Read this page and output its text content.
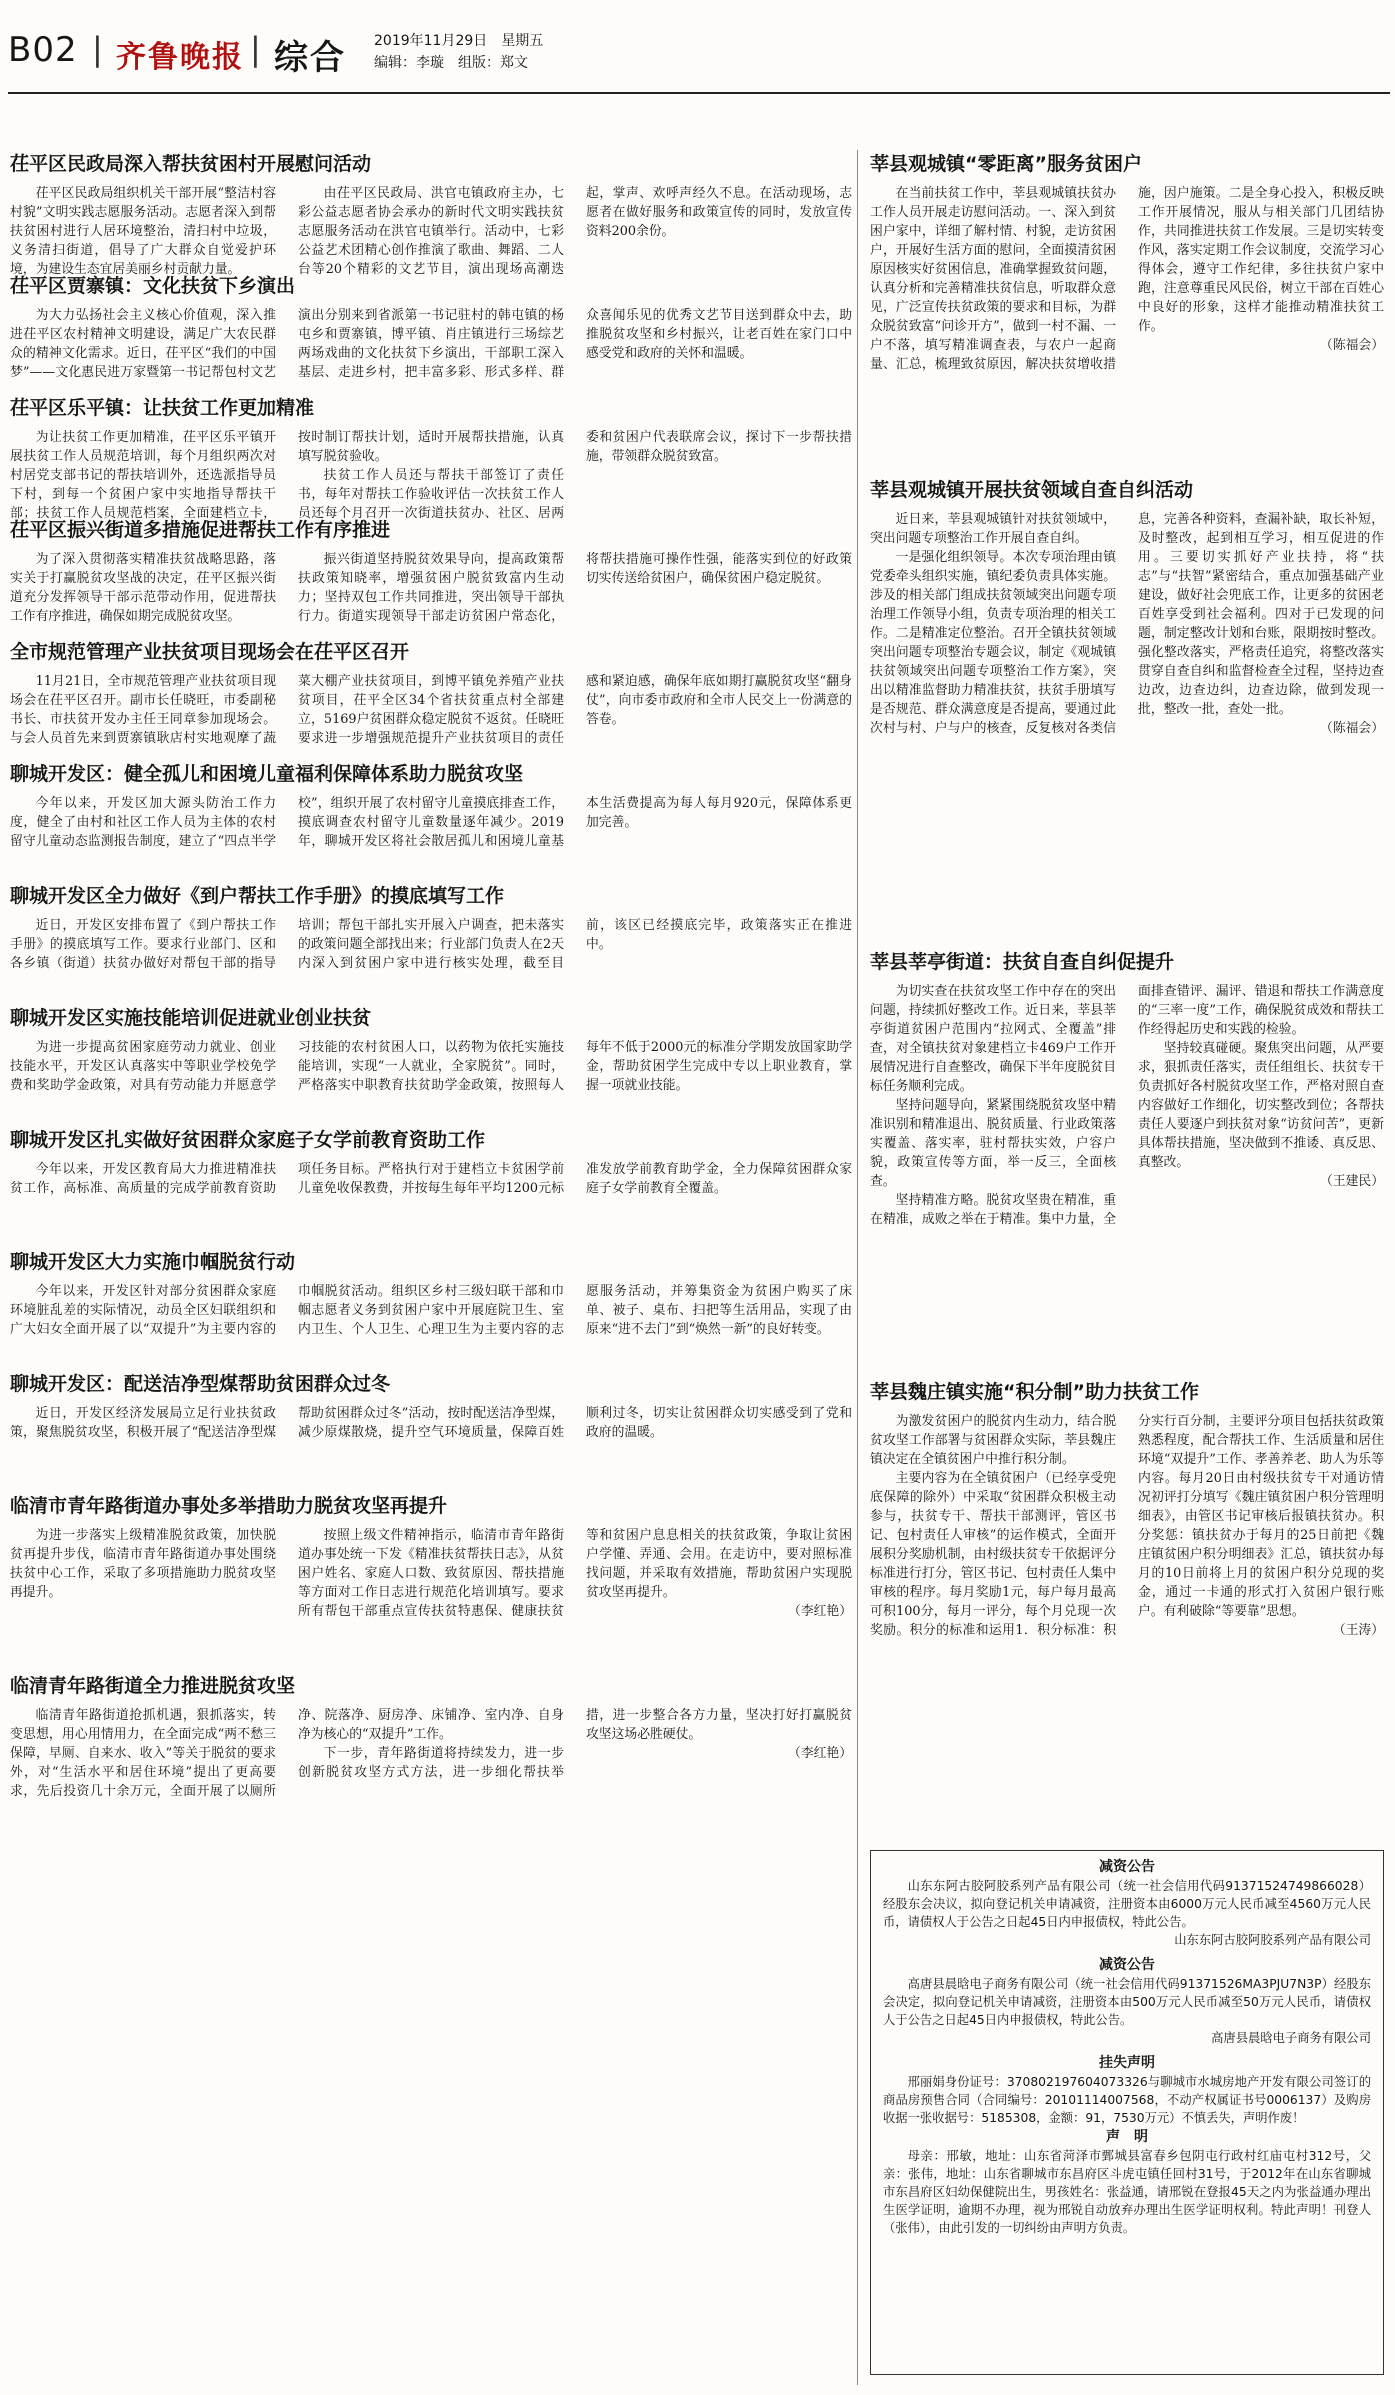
B02 | 齐鲁晚报 | 综合 2019年11月29日　星期五
编辑：李璇　组版：郑文
茌平区民政局深入帮扶贫困村开展慰问活动

茌平区民政局组织机关干部开展“整洁村容村貌”文明实践志愿服务活动。志愿者深入到帮扶贫困村进行人居环境整治，清扫村中垃圾，义务清扫街道，倡导了广大群众自觉爱护环境，为建设生态宜居美丽乡村贡献力量。

由茌平区民政局、洪官屯镇政府主办，七彩公益志愿者协会承办的新时代文明实践扶贫志愿服务活动在洪官屯镇举行。活动中，七彩公益艺术团精心创作推演了歌曲、舞蹈、二人台等20个精彩的文艺节目，演出现场高潮迭起，掌声、欢呼声经久不息。在活动现场，志愿者在做好服务和政策宣传的同时，发放宣传资料200余份。

茌平区贾寨镇：文化扶贫下乡演出

为大力弘扬社会主义核心价值观，深入推进茌平区农村精神文明建设，满足广大农民群众的精神文化需求。近日，茌平区“我们的中国梦”——文化惠民进万家暨第一书记帮包村文艺演出分别来到省派第一书记驻村的韩屯镇的杨屯乡和贾寨镇，博平镇、肖庄镇进行三场综艺两场戏曲的文化扶贫下乡演出，干部职工深入基层、走进乡村，把丰富多彩、形式多样、群众喜闻乐见的优秀文艺节目送到群众中去，助推脱贫攻坚和乡村振兴，让老百姓在家门口中感受党和政府的关怀和温暖。

茌平区乐平镇：让扶贫工作更加精准

为让扶贫工作更加精准，茌平区乐平镇开展扶贫工作人员规范培训，每个月组织两次对村居党支部书记的帮扶培训外，还选派指导员下村，到每一个贫困户家中实地指导帮扶干部；扶贫工作人员规范档案，全面建档立卡，按时制订帮扶计划，适时开展帮扶措施，认真填写脱贫验收。

扶贫工作人员还与帮扶干部签订了责任书，每年对帮扶工作验收评估一次扶贫工作人员还每个月召开一次街道扶贫办、社区、居两委和贫困户代表联席会议，探讨下一步帮扶措施，带领群众脱贫致富。

茌平区振兴街道多措施促进帮扶工作有序推进

为了深入贯彻落实精准扶贫战略思路，落实关于打赢脱贫攻坚战的决定，茌平区振兴街道充分发挥领导干部示范带动作用，促进帮扶工作有序推进，确保如期完成脱贫攻坚。

振兴街道坚持脱贫效果导向，提高政策帮扶政策知晓率，增强贫困户脱贫致富内生动力；坚持双包工作共同推进，突出领导干部执行力。街道实现领导干部走访贫困户常态化，将帮扶措施可操作性强，能落实到位的好政策切实传送给贫困户，确保贫困户稳定脱贫。

全市规范管理产业扶贫项目现场会在茌平区召开

11月21日，全市规范管理产业扶贫项目现场会在茌平区召开。副市长任晓旺，市委副秘书长、市扶贫开发办主任王同章参加现场会。与会人员首先来到贾寨镇耿店村实地观摩了蔬菜大棚产业扶贫项目，到博平镇免养殖产业扶贫项目，茌平全区34个省扶贫重点村全部建立，5169户贫困群众稳定脱贫不返贫。任晓旺要求进一步增强规范提升产业扶贫项目的责任感和紧迫感，确保年底如期打赢脱贫攻坚“翻身仗”，向市委市政府和全市人民交上一份满意的答卷。

聊城开发区：健全孤儿和困境儿童福利保障体系助力脱贫攻坚

今年以来，开发区加大源头防治工作力度，健全了由村和社区工作人员为主体的农村留守儿童动态监测报告制度，建立了“四点半学校”，组织开展了农村留守儿童摸底排查工作，摸底调查农村留守儿童数量逐年减少。2019年，聊城开发区将社会散居孤儿和困境儿童基本生活费提高为每人每月920元，保障体系更加完善。

聊城开发区全力做好《到户帮扶工作手册》的摸底填写工作

近日，开发区安排布置了《到户帮扶工作手册》的摸底填写工作。要求行业部门、区和各乡镇（街道）扶贫办做好对帮包干部的指导培训；帮包干部扎实开展入户调查，把未落实的政策问题全部找出来；行业部门负责人在2天内深入到贫困户家中进行核实处理，截至目前，该区已经摸底完毕，政策落实正在推进中。

聊城开发区实施技能培训促进就业创业扶贫

为进一步提高贫困家庭劳动力就业、创业技能水平，开发区认真落实中等职业学校免学费和奖助学金政策，对具有劳动能力并愿意学习技能的农村贫困人口，以药物为依托实施技能培训，实现“一人就业，全家脱贫”。同时，严格落实中职教育扶贫助学金政策，按照每人每年不低于2000元的标准分学期发放国家助学金，帮助贫困学生完成中专以上职业教育，掌握一项就业技能。

聊城开发区扎实做好贫困群众家庭子女学前教育资助工作

今年以来，开发区教育局大力推进精准扶贫工作，高标准、高质量的完成学前教育资助项任务目标。严格执行对于建档立卡贫困学前儿童免收保教费，并按每生每年平均1200元标准发放学前教育助学金，全力保障贫困群众家庭子女学前教育全覆盖。

聊城开发区大力实施巾帼脱贫行动

今年以来，开发区针对部分贫困群众家庭环境脏乱差的实际情况，动员全区妇联组织和广大妇女全面开展了以“双提升”为主要内容的巾帼脱贫活动。组织区乡村三级妇联干部和巾帼志愿者义务到贫困户家中开展庭院卫生、室内卫生、个人卫生、心理卫生为主要内容的志愿服务活动，并筹集资金为贫困户购买了床单、被子、桌布、扫把等生活用品，实现了由原来“进不去门”到“焕然一新”的良好转变。

聊城开发区：配送洁净型煤帮助贫困群众过冬

近日，开发区经济发展局立足行业扶贫政策，聚焦脱贫攻坚，积极开展了“配送洁净型煤帮助贫困群众过冬”活动，按时配送洁净型煤，减少原煤散烧，提升空气环境质量，保障百姓顺利过冬，切实让贫困群众切实感受到了党和政府的温暖。

临清市青年路街道办事处多举措助力脱贫攻坚再提升

为进一步落实上级精准脱贫政策，加快脱贫再提升步伐，临清市青年路街道办事处围绕扶贫中心工作，采取了多项措施助力脱贫攻坚再提升。

按照上级文件精神指示，临清市青年路街道办事处统一下发《精准扶贫帮扶日志》，从贫困户姓名、家庭人口数、致贫原因、帮扶措施等方面对工作日志进行规范化培训填写。要求所有帮包干部重点宣传扶贫特惠保、健康扶贫等和贫困户息息相关的扶贫政策，争取让贫困户学懂、弄通、会用。在走访中，要对照标准找问题，并采取有效措施，帮助贫困户实现脱贫攻坚再提升。

（李红艳）
临清青年路街道全力推进脱贫攻坚

临清青年路街道抢抓机遇，狠抓落实，转变思想，用心用情用力，在全面完成“两不愁三保障，早厕、自来水、收入”等关于脱贫的要求外，对“生活水平和居住环境”提出了更高要求，先后投资几十余万元，全面开展了以厕所净、院落净、厨房净、床铺净、室内净、自身净为核心的“双提升”工作。

下一步，青年路街道将持续发力，进一步创新脱贫攻坚方式方法，进一步细化帮扶举措，进一步整合各方力量，坚决打好打赢脱贫攻坚这场必胜硬仗。

（李红艳）
莘县观城镇“零距离”服务贫困户

在当前扶贫工作中，莘县观城镇扶贫办工作人员开展走访慰问活动。一、深入到贫困户家中，详细了解村情、村貌，走访贫困户，开展好生活方面的慰问，全面摸清贫困原因核实好贫困信息，准确掌握致贫问题，认真分析和完善精准扶贫信息，听取群众意见，广泛宣传扶贫政策的要求和目标，为群众脱贫致富“问诊开方”，做到一村不漏、一户不落，填写精准调查表，与农户一起商量、汇总，梳理致贫原因，解决扶贫增收措施，因户施策。二是全身心投入，积极反映工作开展情况，服从与相关部门几团结协作，共同推进扶贫工作发展。三是切实转变作风，落实定期工作会议制度，交流学习心得体会，遵守工作纪律，多往扶贫户家中跑，注意尊重民风民俗，树立干部在百姓心中良好的形象，这样才能推动精准扶贫工作。

（陈福会）
莘县观城镇开展扶贫领域自查自纠活动

近日来，莘县观城镇针对扶贫领域中，突出问题专项整治工作开展自查自纠。

一是强化组织领导。本次专项治理由镇党委牵头组织实施，镇纪委负责具体实施。涉及的相关部门组成扶贫领域突出问题专项治理工作领导小组，负责专项治理的相关工作。二是精准定位整治。召开全镇扶贫领域突出问题专项整治专题会议，制定《观城镇扶贫领域突出问题专项整治工作方案》，突出以精准监督助力精准扶贫，扶贫手册填写是否规范、群众满意度是否提高，要通过此次村与村、户与户的核查，反复核对各类信息，完善各种资料，查漏补缺，取长补短，及时整改，起到相互学习，相互促进的作用。三要切实抓好产业扶持，将“扶志”与“扶智”紧密结合，重点加强基础产业建设，做好社会兜底工作，让更多的贫困老百姓享受到社会福利。四对于已发现的问题，制定整改计划和台账，限期按时整改。强化整改落实，严格责任追究，将整改落实贯穿自查自纠和监督检查全过程，坚持边查边改，边查边纠，边查边除，做到发现一批，整改一批，查处一批。

（陈福会）
莘县莘亭街道：扶贫自查自纠促提升

为切实查在扶贫攻坚工作中存在的突出问题，持续抓好整改工作。近日来，莘县莘亭街道贫困户范围内“拉网式、全覆盖”排查，对全镇扶贫对象建档立卡469户工作开展情况进行自查整改，确保下半年度脱贫目标任务顺利完成。

坚持问题导向，紧紧围绕脱贫攻坚中精准识别和精准退出、脱贫质量、行业政策落实覆盖、落实率，驻村帮扶实效，户容户貌，政策宣传等方面，举一反三，全面核查。

坚持精准方略。脱贫攻坚贵在精准，重在精准，成败之举在于精准。集中力量，全面排查错评、漏评、错退和帮扶工作满意度的“三率一度”工作，确保脱贫成效和帮扶工作经得起历史和实践的检验。

坚持较真碰硬。聚焦突出问题，从严要求，狠抓责任落实，责任组组长、扶贫专干负责抓好各村脱贫攻坚工作，严格对照自查内容做好工作细化，切实整改到位；各帮扶责任人要逐户到扶贫对象“访贫问苦”，更新具体帮扶措施，坚决做到不推诿、真反思、真整改。

（王建民）
莘县魏庄镇实施“积分制”助力扶贫工作

为激发贫困户的脱贫内生动力，结合脱贫攻坚工作部署与贫困群众实际，莘县魏庄镇决定在全镇贫困户中推行积分制。

主要内容为在全镇贫困户（已经享受兜底保障的除外）中采取“贫困群众积极主动参与，扶贫专干、帮扶干部测评，管区书记、包村责任人审核”的运作模式，全面开展积分奖励机制，由村级扶贫专干依据评分标准进行打分，管区书记、包村责任人集中审核的程序。每月奖励1元，每户每月最高可积100分，每月一评分，每个月兑现一次奖励。积分的标准和运用1．积分标准：积分实行百分制，主要评分项目包括扶贫政策熟悉程度，配合帮扶工作、生活质量和居住环境“双提升”工作、孝善养老、助人为乐等内容。每月20日由村级扶贫专干对通访情况初评打分填写《魏庄镇贫困户积分管理明细表》，由管区书记审核后报镇扶贫办。积分奖惩：镇扶贫办于每月的25日前把《魏庄镇贫困户积分明细表》汇总，镇扶贫办每月的10日前将上月的贫困户积分兑现的奖金，通过一卡通的形式打入贫困户银行账户。有利破除“等要靠”思想。

（王涛）
减资公告

山东东阿古胶阿胶系列产品有限公司（统一社会信用代码91371524749866028）经股东会决议，拟向登记机关申请减资，注册资本由6000万元人民币减至4560万元人民币，请债权人于公告之日起45日内申报债权，特此公告。

山东东阿古胶阿胶系列产品有限公司
减资公告

高唐县晨晗电子商务有限公司（统一社会信用代码91371526MA3PJU7N3P）经股东会决定，拟向登记机关申请减资，注册资本由500万元人民币减至50万元人民币，请债权人于公告之日起45日内申报债权，特此公告。

高唐县晨晗电子商务有限公司
挂失声明

邢丽娟身份证号：370802197604073326与聊城市水城房地产开发有限公司签订的商品房预售合同（合同编号：20101114007568，不动产权属证书号0006137）及购房收据一张收据号：5185308，金额：91，7530万元）不慎丢失，声明作废！

声　明

母亲：邢敏，地址：山东省菏泽市鄄城县富春乡包阴屯行政村红庙屯村312号，父亲：张伟，地址：山东省聊城市东昌府区斗虎屯镇任回村31号，于2012年在山东省聊城市东昌府区妇幼保健院出生，男孩姓名：张益通，请邢锐在登报45天之内为张益通办理出生医学证明，逾期不办理，视为邢锐自动放弃办理出生医学证明权利。特此声明！刊登人（张伟），由此引发的一切纠纷由声明方负责。
